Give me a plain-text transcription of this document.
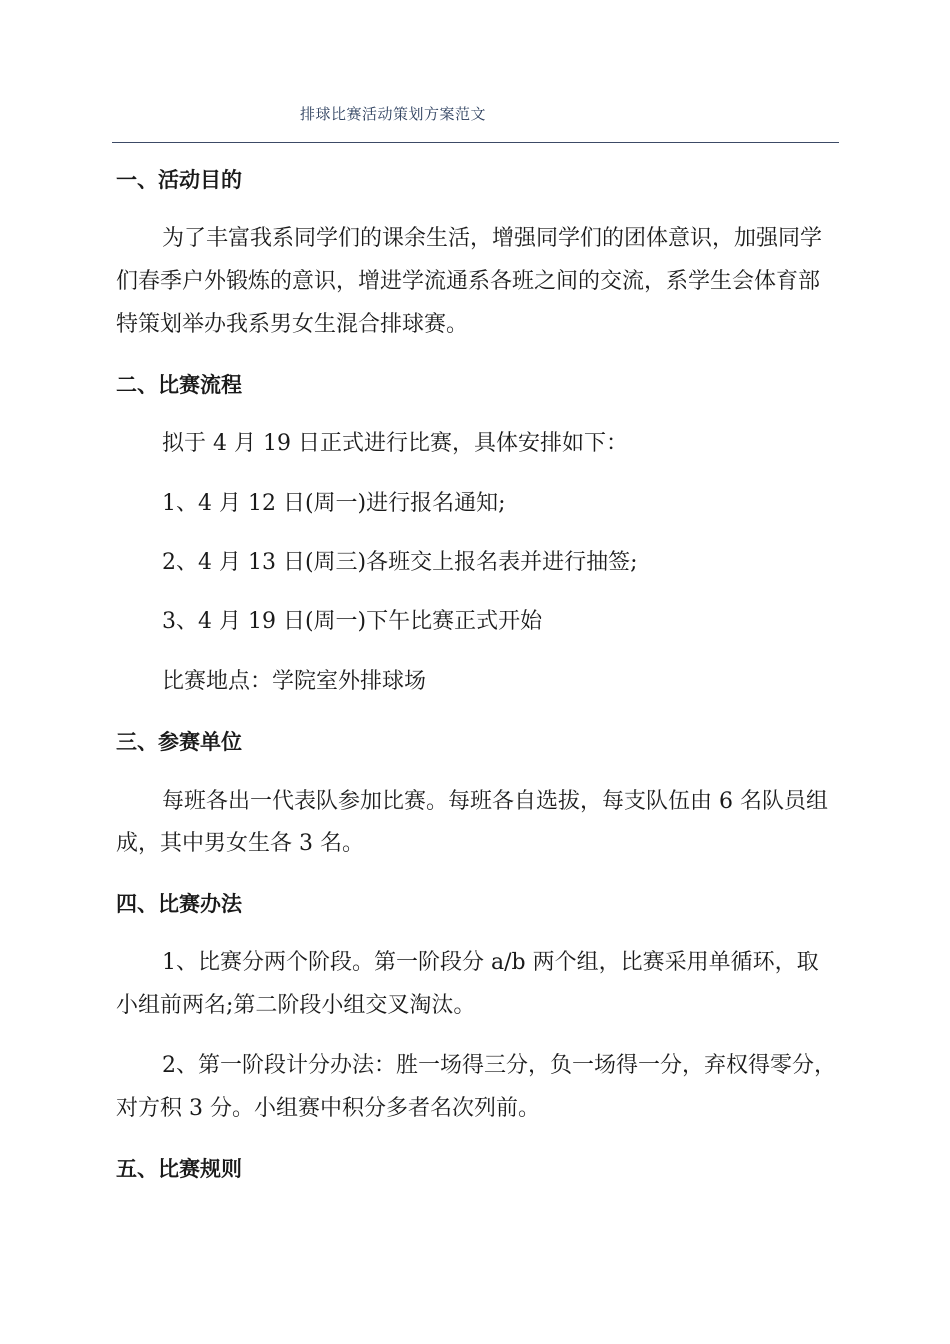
排球比赛活动策划方案范文
一、活动目的
为了丰富我系同学们的课余生活，增强同学们的团体意识，加强同学
们春季户外锻炼的意识，增进学流通系各班之间的交流，系学生会体育部
特策划举办我系男女生混合排球赛。
二、比赛流程
拟于 4 月 19 日正式进行比赛，具体安排如下：
1、4 月 12 日(周一)进行报名通知;
2、4 月 13 日(周三)各班交上报名表并进行抽签;
3、4 月 19 日(周一)下午比赛正式开始
比赛地点：学院室外排球场
三、参赛单位
每班各出一代表队参加比赛。每班各自选拔，每支队伍由 6 名队员组
成，其中男女生各 3 名。
四、比赛办法
1、比赛分两个阶段。第一阶段分 a/b 两个组，比赛采用单循环，取
小组前两名;第二阶段小组交叉淘汰。
2、第一阶段计分办法：胜一场得三分，负一场得一分，弃权得零分，
对方积 3 分。小组赛中积分多者名次列前。
五、比赛规则
